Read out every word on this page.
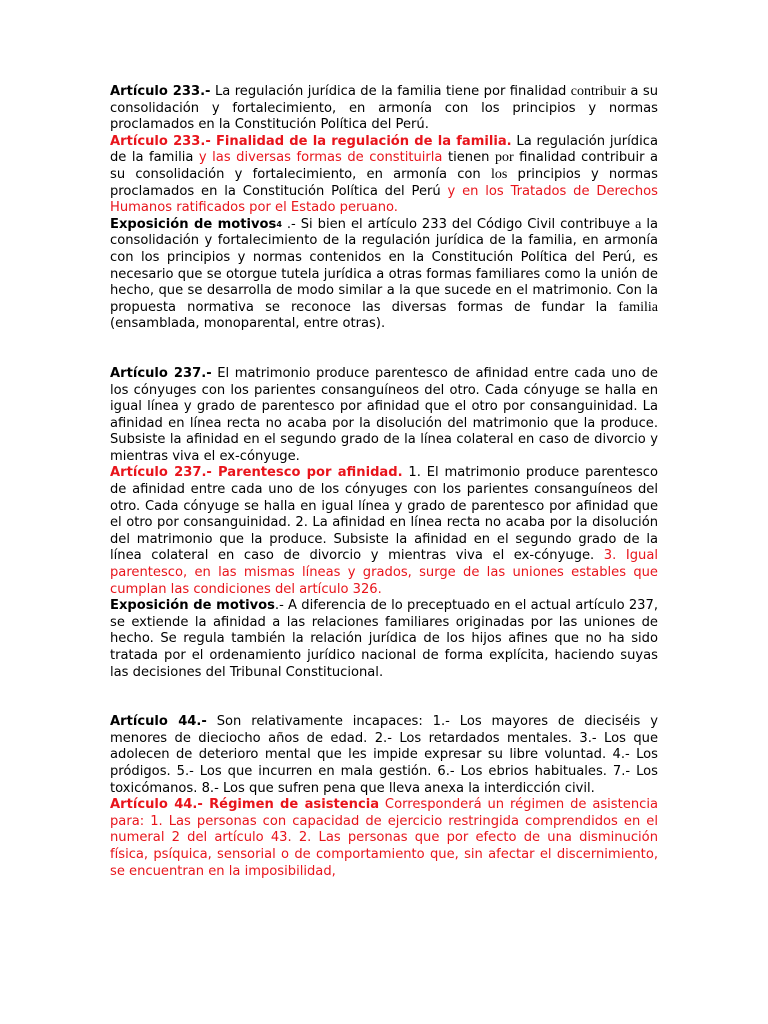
Artículo 233.- La regulación jurídica de la familia tiene por finalidad contribuir a su consolidación y fortalecimiento, en armonía con los principios y normas proclamados en la Constitución Política del Perú.

Artículo 233.- Finalidad de la regulación de la familia. La regulación jurídica de la familia y las diversas formas de constituirla tienen por finalidad contribuir a su consolidación y fortalecimiento, en armonía con los principios y normas proclamados en la Constitución Política del Perú y en los Tratados de Derechos Humanos ratificados por el Estado peruano.

Exposición de motivos4 .- Si bien el artículo 233 del Código Civil contribuye a la consolidación y fortalecimiento de la regulación jurídica de la familia, en armonía con los principios y normas contenidos en la Constitución Política del Perú, es necesario que se otorgue tutela jurídica a otras formas familiares como la unión de hecho, que se desarrolla de modo similar a la que sucede en el matrimonio. Con la propuesta normativa se reconoce las diversas formas de fundar la familia (ensamblada, monoparental, entre otras).

Artículo 237.- El matrimonio produce parentesco de afinidad entre cada uno de los cónyuges con los parientes consanguíneos del otro. Cada cónyuge se halla en igual línea y grado de parentesco por afinidad que el otro por consanguinidad. La afinidad en línea recta no acaba por la disolución del matrimonio que la produce. Subsiste la afinidad en el segundo grado de la línea colateral en caso de divorcio y mientras viva el ex-cónyuge.

Artículo 237.- Parentesco por afinidad. 1. El matrimonio produce parentesco de afinidad entre cada uno de los cónyuges con los parientes consanguíneos del otro. Cada cónyuge se halla en igual línea y grado de parentesco por afinidad que el otro por consanguinidad. 2. La afinidad en línea recta no acaba por la disolución del matrimonio que la produce. Subsiste la afinidad en el segundo grado de la línea colateral en caso de divorcio y mientras viva el ex-cónyuge. 3. Igual parentesco, en las mismas líneas y grados, surge de las uniones estables que cumplan las condiciones del artículo 326.

Exposición de motivos.- A diferencia de lo preceptuado en el actual artículo 237, se extiende la afinidad a las relaciones familiares originadas por las uniones de hecho. Se regula también la relación jurídica de los hijos afines que no ha sido tratada por el ordenamiento jurídico nacional de forma explícita, haciendo suyas las decisiones del Tribunal Constitucional.

Artículo 44.- Son relativamente incapaces: 1.- Los mayores de dieciséis y menores de dieciocho años de edad. 2.- Los retardados mentales. 3.- Los que adolecen de deterioro mental que les impide expresar su libre voluntad. 4.- Los pródigos. 5.- Los que incurren en mala gestión. 6.- Los ebrios habituales. 7.- Los toxicómanos. 8.- Los que sufren pena que lleva anexa la interdicción civil.

Artículo 44.- Régimen de asistencia Corresponderá un régimen de asistencia para: 1. Las personas con capacidad de ejercicio restringida comprendidos en el numeral 2 del artículo 43. 2. Las personas que por efecto de una disminución física, psíquica, sensorial o de comportamiento que, sin afectar el discernimiento, se encuentran en la imposibilidad,
